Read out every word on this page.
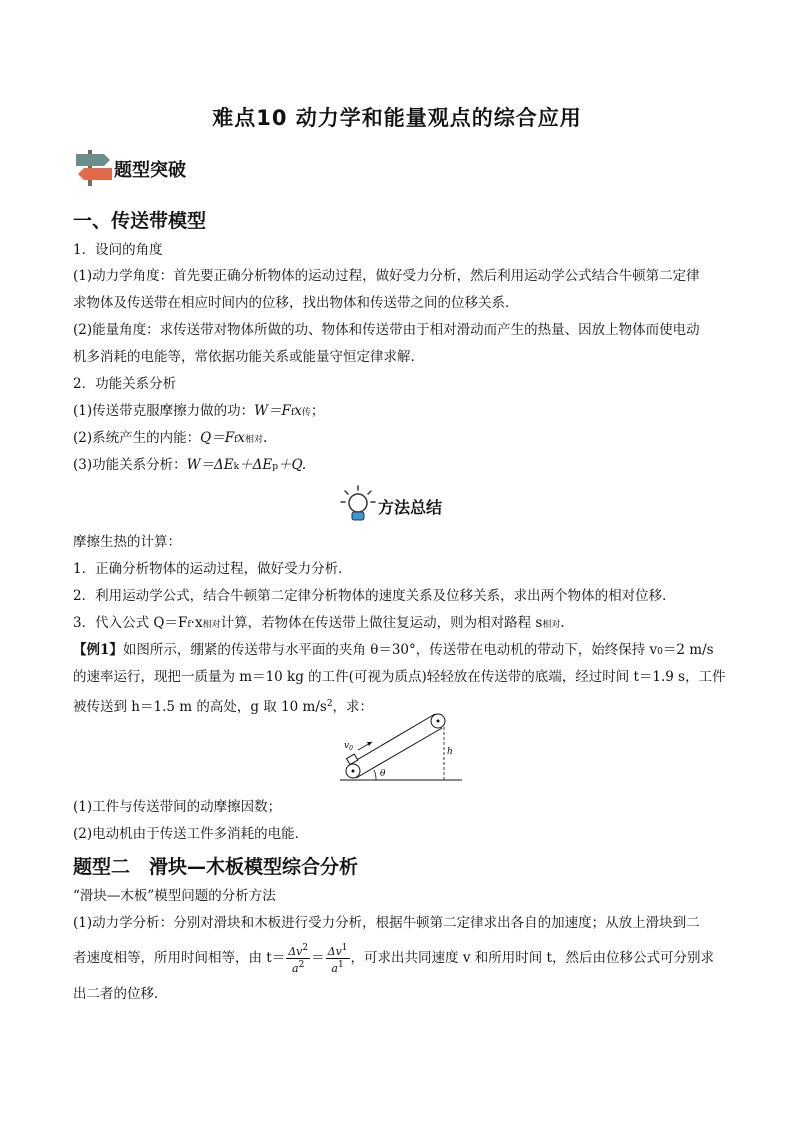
难点10 动力学和能量观点的综合应用
题型突破
一、传送带模型
1．设问的角度
(1)动力学角度：首先要正确分析物体的运动过程，做好受力分析，然后利用运动学公式结合牛顿第二定律
求物体及传送带在相应时间内的位移，找出物体和传送带之间的位移关系．
(2)能量角度：求传送带对物体所做的功、物体和传送带由于相对滑动而产生的热量、因放上物体而使电动
机多消耗的电能等，常依据功能关系或能量守恒定律求解．
2．功能关系分析
(1)传送带克服摩擦力做的功：W＝Ffx传；
(2)系统产生的内能：Q＝Ffx相对.
(3)功能关系分析：W＝ΔEk＋ΔEp＋Q.
方法总结
摩擦生热的计算：
1．正确分析物体的运动过程，做好受力分析．
2．利用运动学公式，结合牛顿第二定律分析物体的速度关系及位移关系，求出两个物体的相对位移．
3．代入公式 Q＝Ff·x相对计算，若物体在传送带上做往复运动，则为相对路程 s相对.
【例1】如图所示，绷紧的传送带与水平面的夹角 θ＝30°，传送带在电动机的带动下，始终保持 v0＝2 m/s
的速率运行，现把一质量为 m＝10 kg 的工件(可视为质点)轻轻放在传送带的底端，经过时间 t＝1.9 s，工件
被传送到 h＝1.5 m 的高处，g 取 10 $m/s^2$，求：
$v_0$	h
θ
(1)工件与传送带间的动摩擦因数；
(2)电动机由于传送工件多消耗的电能．
题型二　滑块—木板模型综合分析
“滑块—木板”模型问题的分析方法
(1)动力学分析：分别对滑块和木板进行受力分析，根据牛顿第二定律求出各自的加速度；从放上滑块到二
者速度相等，所用时间相等，由 $t= \frac{\Delta v^2}{a^2} = \frac{\Delta v^1}{a^1}$ ，可求出共同速度 v 和所用时间 t，然后由位移公式可分别求
出二者的位移．
